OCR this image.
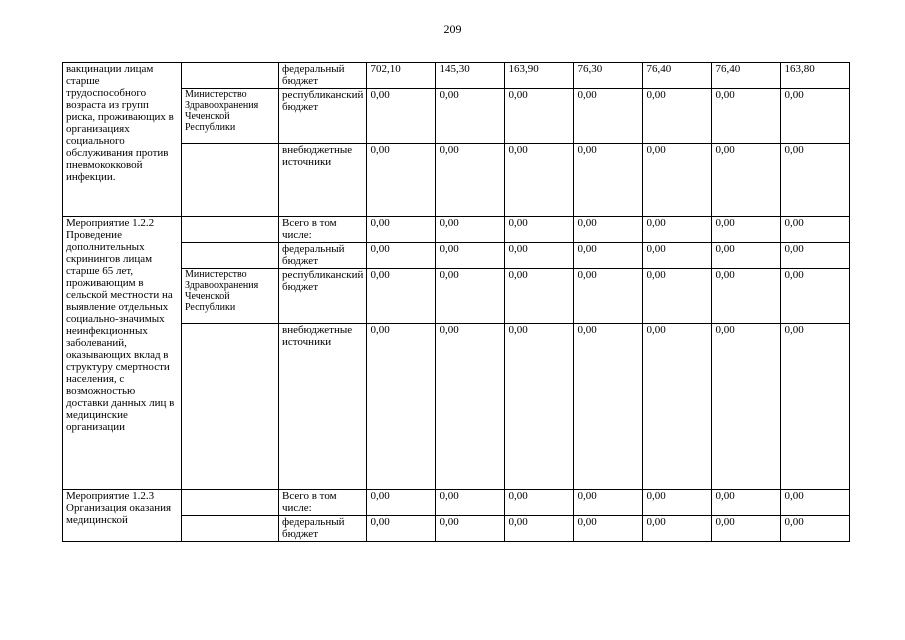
209
вакцинации лицам старше трудоспособного возраста из групп риска, проживающих в организациях социального обслуживания против пневмококковой инфекции.		федеральный бюджет	702,10	145,30	163,90	76,30	76,40	76,40	163,80
	Министерство Здравоохранения Чеченской Республики	республиканский бюджет	0,00	0,00	0,00	0,00	0,00	0,00	0,00
		внебюджетные источники	0,00	0,00	0,00	0,00	0,00	0,00	0,00
Мероприятие 1.2.2 Проведение дополнительных скринингов лицам старше 65 лет, проживающим в сельской местности на выявление отдельных социально-значимых неинфекционных заболеваний, оказывающих вклад в структуру смертности населения, с возможностью доставки данных лиц в медицинские организации		Всего в том числе:	0,00	0,00	0,00	0,00	0,00	0,00	0,00
		федеральный бюджет	0,00	0,00	0,00	0,00	0,00	0,00	0,00
	Министерство Здравоохранения Чеченской Республики	республиканский бюджет	0,00	0,00	0,00	0,00	0,00	0,00	0,00
		внебюджетные источники	0,00	0,00	0,00	0,00	0,00	0,00	0,00
Мероприятие 1.2.3 Организация оказания медицинской		Всего в том числе:	0,00	0,00	0,00	0,00	0,00	0,00	0,00
		федеральный бюджет	0,00	0,00	0,00	0,00	0,00	0,00	0,00
